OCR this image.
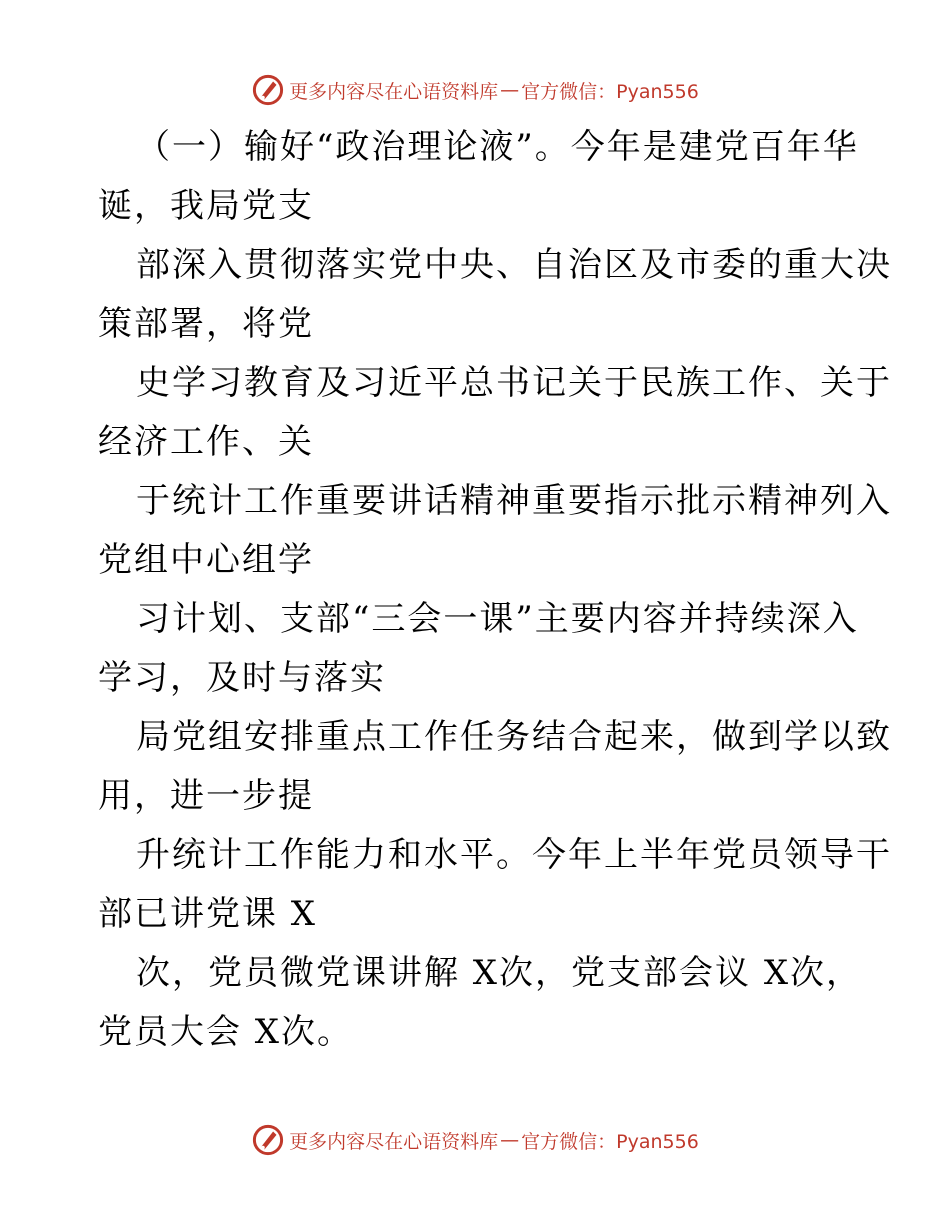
更多内容尽在心语资料库 — 官方微信：Pyan556
（一）输好“政治理论液”。今年是建党百年华
诞，我局党支
部深入贯彻落实党中央、自治区及市委的重大决
策部署，将党
史学习教育及习近平总书记关于民族工作、关于
经济工作、关
于统计工作重要讲话精神重要指示批示精神列入
党组中心组学
习计划、支部“三会一课”主要内容并持续深入
学习，及时与落实
局党组安排重点工作任务结合起来，做到学以致
用，进一步提
升统计工作能力和水平。今年上半年党员领导干
部已讲党课 X
次，党员微党课讲解 X次，党支部会议 X次，
党员大会 X次。
更多内容尽在心语资料库 — 官方微信：Pyan556
